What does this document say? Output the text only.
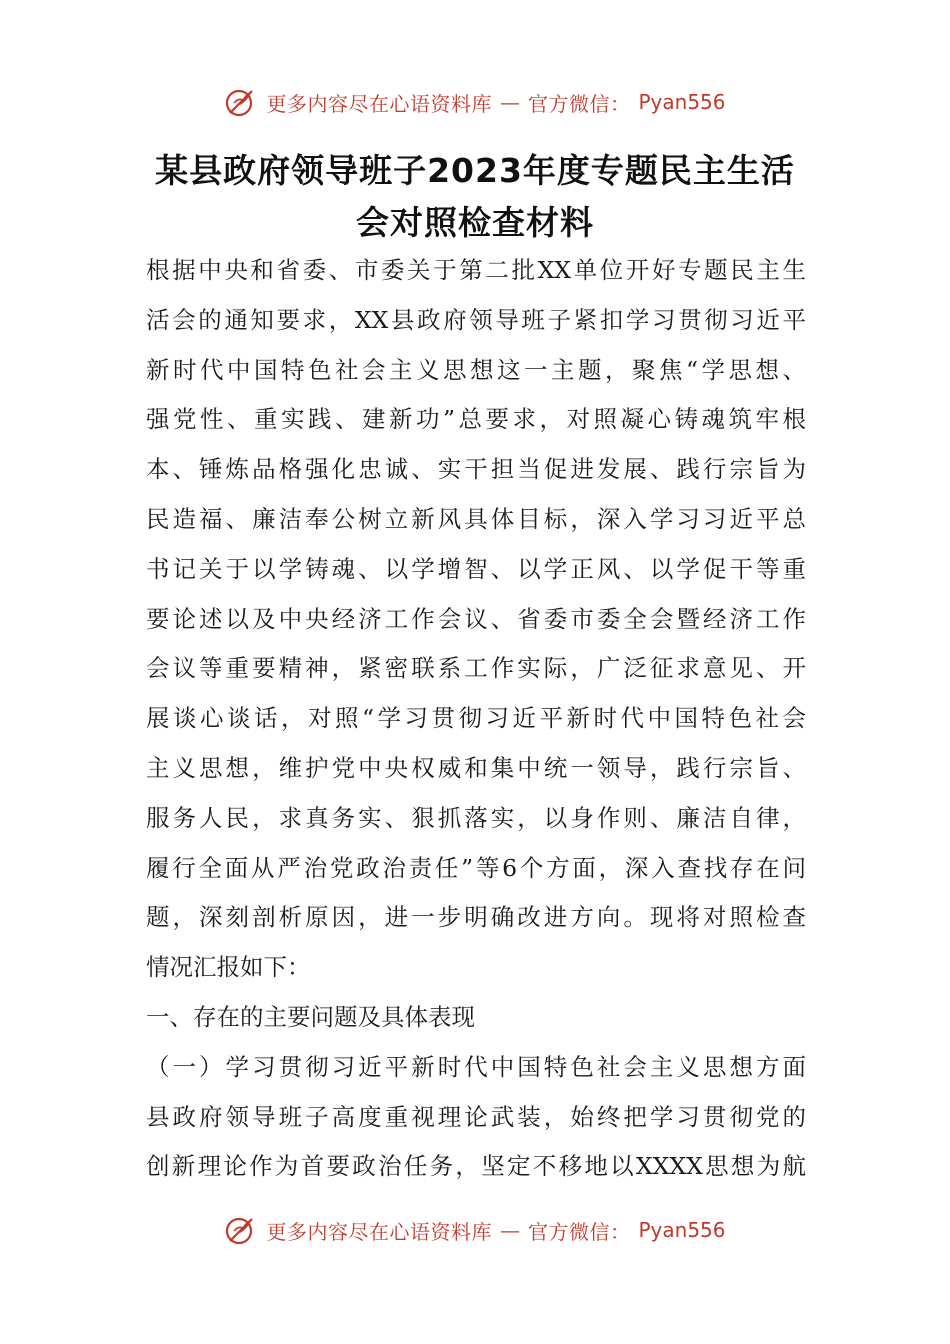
更多内容尽在心语资料库 — 官方微信： Pyan556
某县政府领导班子2023年度专题民主生活
会对照检查材料
根据中央和省委、市委关于第二批XX单位开好专题民主生
活会的通知要求，XX县政府领导班子紧扣学习贯彻习近平
新时代中国特色社会主义思想这一主题，聚焦“学思想、
强党性、重实践、建新功”总要求，对照凝心铸魂筑牢根
本、锤炼品格强化忠诚、实干担当促进发展、践行宗旨为
民造福、廉洁奉公树立新风具体目标，深入学习习近平总
书记关于以学铸魂、以学增智、以学正风、以学促干等重
要论述以及中央经济工作会议、省委市委全会暨经济工作
会议等重要精神，紧密联系工作实际，广泛征求意见、开
展谈心谈话，对照“学习贯彻习近平新时代中国特色社会
主义思想，维护党中央权威和集中统一领导，践行宗旨、
服务人民，求真务实、狠抓落实，以身作则、廉洁自律，
履行全面从严治党政治责任”等6个方面，深入查找存在问
题，深刻剖析原因，进一步明确改进方向。现将对照检查
情况汇报如下：
一、存在的主要问题及具体表现
（一）学习贯彻习近平新时代中国特色社会主义思想方面
县政府领导班子高度重视理论武装，始终把学习贯彻党的
创新理论作为首要政治任务，坚定不移地以XXXX思想为航
更多内容尽在心语资料库 — 官方微信： Pyan556
